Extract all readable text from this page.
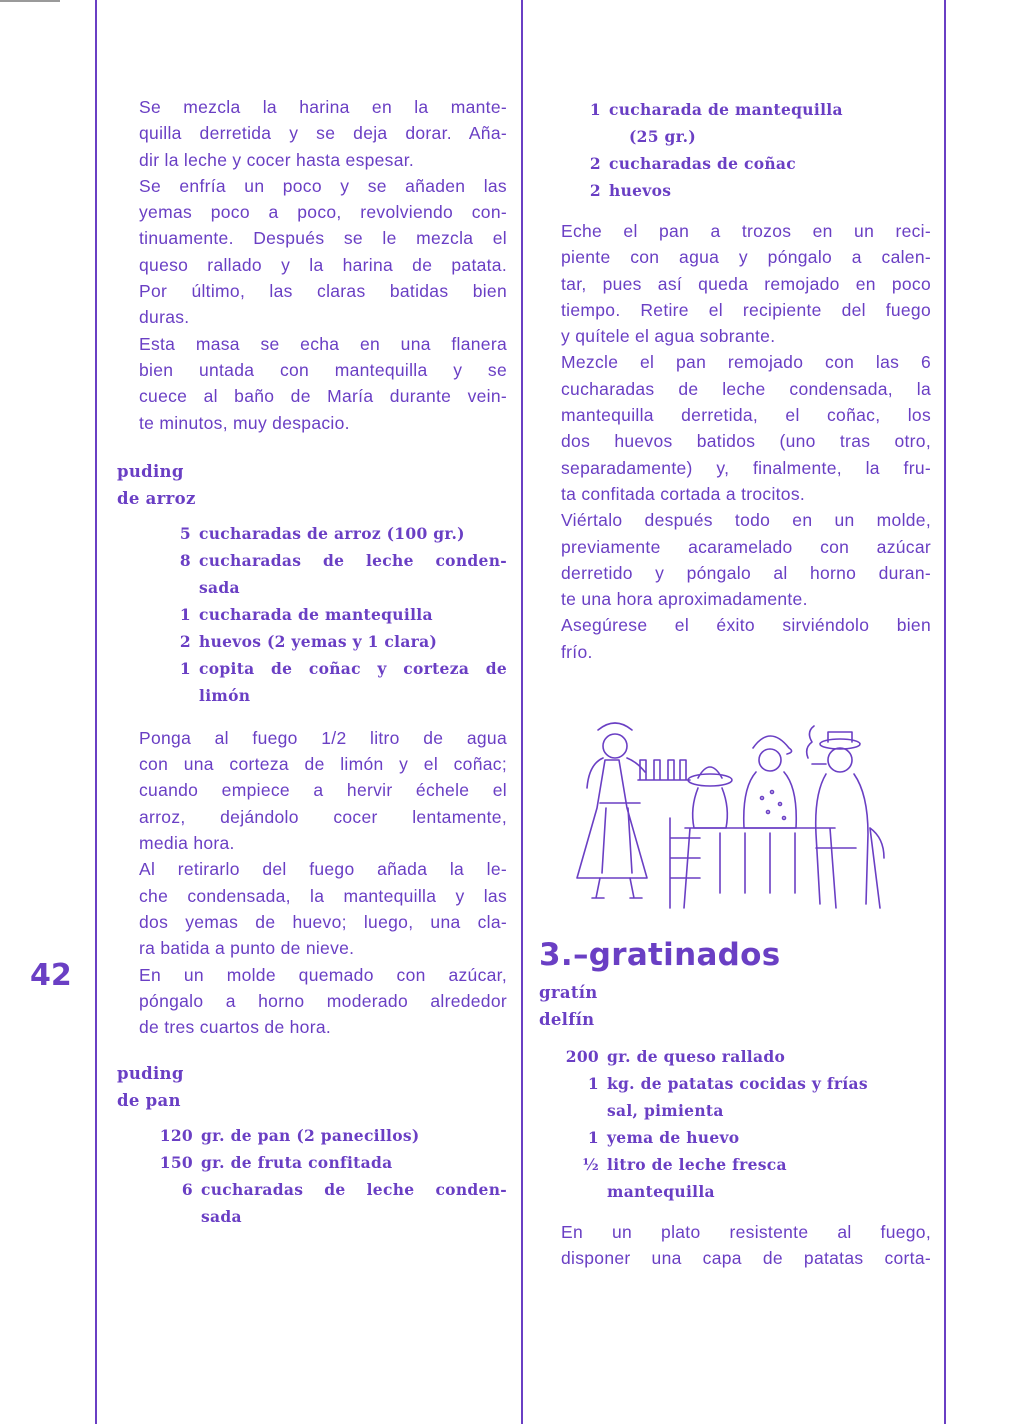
42

Se mezcla la harina en la mante-
quilla derretida y se deja dorar. Aña-
dir la leche y cocer hasta espesar.

Se enfría un poco y se añaden las
yemas poco a poco, revolviendo con-
tinuamente. Después se le mezcla el
queso rallado y la harina de patata.
Por último, las claras batidas bien
duras.

Esta masa se echa en una flanera
bien untada con mantequilla y se
cuece al baño de María durante vein-
te minutos, muy despacio.

puding
de arroz

5 cucharadas de arroz (100 gr.)
8 cucharadas de leche conden-
sada
1 cucharada de mantequilla
2 huevos (2 yemas y 1 clara)
1 copita de coñac y corteza de
limón

Ponga al fuego 1/2 litro de agua
con una corteza de limón y el coñac;
cuando empiece a hervir échele el
arroz, dejándolo cocer lentamente,
media hora.

Al retirarlo del fuego añada la le-
che condensada, la mantequilla y las
dos yemas de huevo; luego, una cla-
ra batida a punto de nieve.

En un molde quemado con azúcar,
póngalo a horno moderado alrededor
de tres cuartos de hora.

puding
de pan

120 gr. de pan (2 panecillos)
150 gr. de fruta confitada
6 cucharadas de leche conden-
sada
1 cucharada de mantequilla
(25 gr.)
2 cucharadas de coñac
2 huevos

Eche el pan a trozos en un reci-
piente con agua y póngalo a calen-
tar, pues así queda remojado en poco
tiempo. Retire el recipiente del fuego
y quítele el agua sobrante.

Mezcle el pan remojado con las 6
cucharadas de leche condensada, la
mantequilla derretida, el coñac, los
dos huevos batidos (uno tras otro,
separadamente) y, finalmente, la fru-
ta confitada cortada a trocitos.

Viértalo después todo en un molde,
previamente acaramelado con azúcar
derretido y póngalo al horno duran-
te una hora aproximadamente.

Asegúrese el éxito sirviéndolo bien
frío.

3.–gratinados

gratín
delfín

200 gr. de queso rallado
1 kg. de patatas cocidas y frías
sal, pimienta
1 yema de huevo
½ litro de leche fresca
mantequilla

En un plato resistente al fuego,
disponer una capa de patatas corta-
